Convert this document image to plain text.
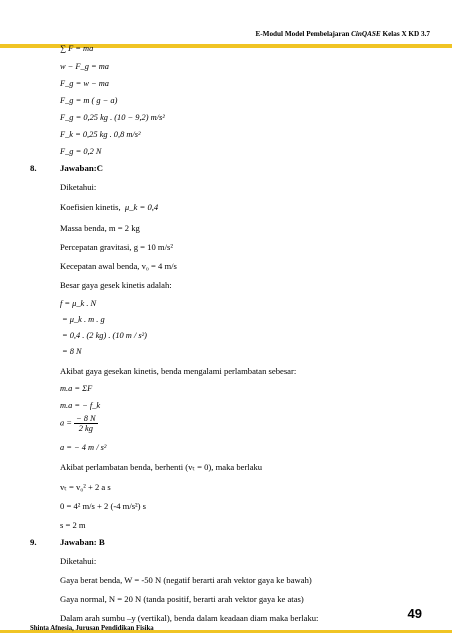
E-Modul Model Pembelajaran CinQASE Kelas X KD 3.7
∑ F = ma
w − F_g = ma
F_g = w − ma
F_g = m ( g − a)
F_g = 0,25 kg . (10 − 9,2) m/s²
F_k = 0,25 kg . 0,8 m/s²
F_g = 0,2 N
8.	Jawaban:C
Diketahui:
Koefisien kinetis, μ_k = 0,4
Massa benda, m = 2 kg
Percepatan gravitasi, g = 10 m/s²
Kecepatan awal benda, v₀ = 4 m/s
Besar gaya gesek kinetis adalah:
f = μ_k . N
= μ_k . m . g
= 0,4 . (2 kg) . (10 m / s²)
= 8 N
Akibat gaya gesekan kinetis, benda mengalami perlambatan sebesar:
m.a = ΣF
m.a = − f_k
$a = \frac{- 8 N}{2 kg}$
a = − 4 m / s²
Akibat perlambatan benda, berhenti (vₜ = 0), maka berlaku
vₜ = v₀² + 2 a s
0 = 4² m/s + 2 (-4 m/s²) s
s = 2 m
9.	Jawaban: B
Diketahui:
Gaya berat benda, W = -50 N (negatif berarti arah vektor gaya ke bawah)
Gaya normal, N = 20 N (tanda positif, berarti arah vektor gaya ke atas)
Dalam arah sumbu –y (vertikal), benda dalam keadaan diam maka berlaku:
Shinta Afnesia, Jurusan Pendidikan Fisika
49
